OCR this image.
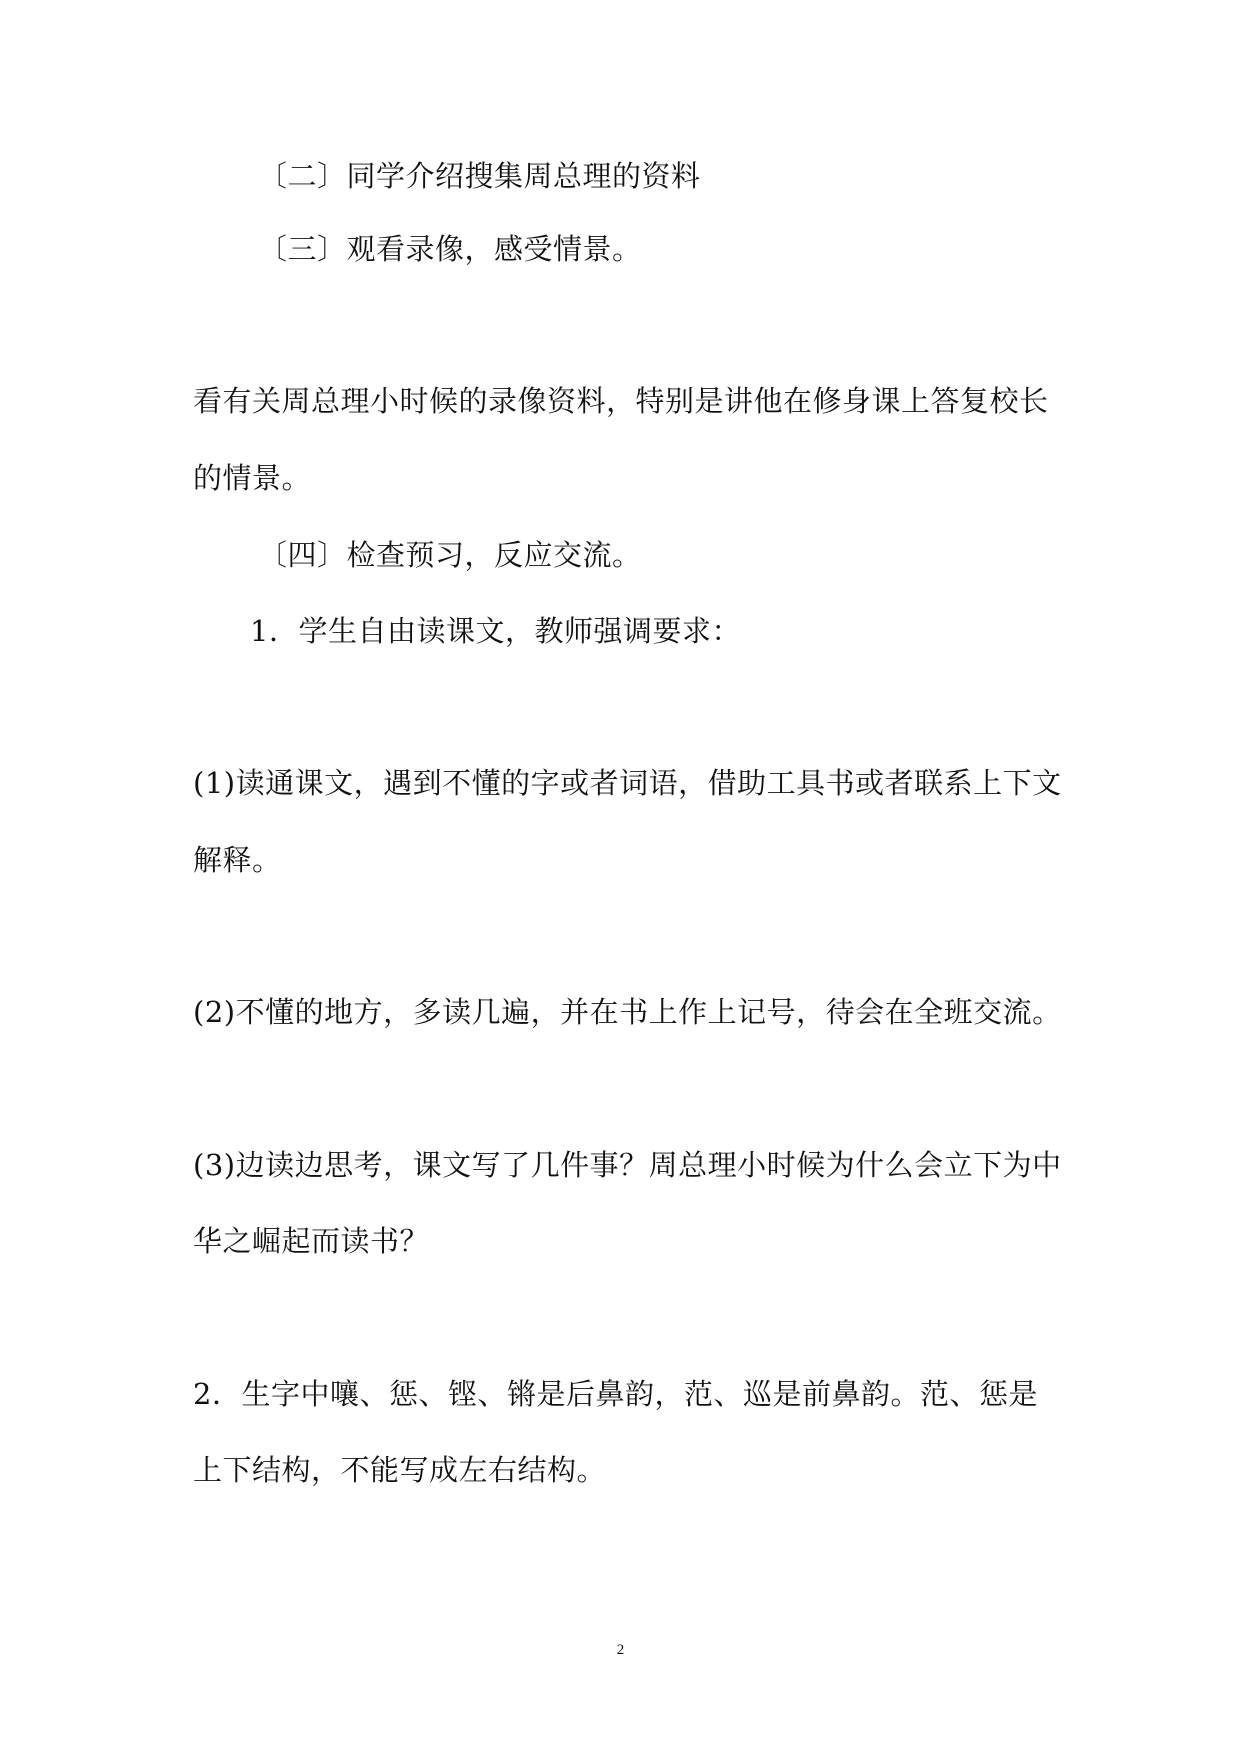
〔二〕同学介绍搜集周总理的资料
〔三〕观看录像，感受情景。
看有关周总理小时候的录像资料，特别是讲他在修身课上答复校长
的情景。
〔四〕检查预习，反应交流。
1．学生自由读课文，教师强调要求：
(1)读通课文，遇到不懂的字或者词语，借助工具书或者联系上下文
解释。
(2)不懂的地方，多读几遍，并在书上作上记号，待会在全班交流。
(3)边读边思考，课文写了几件事？周总理小时候为什么会立下为中
华之崛起而读书？
2．生字中嚷、惩、铿、锵是后鼻韵，范、巡是前鼻韵。范、惩是
上下结构，不能写成左右结构。
2
